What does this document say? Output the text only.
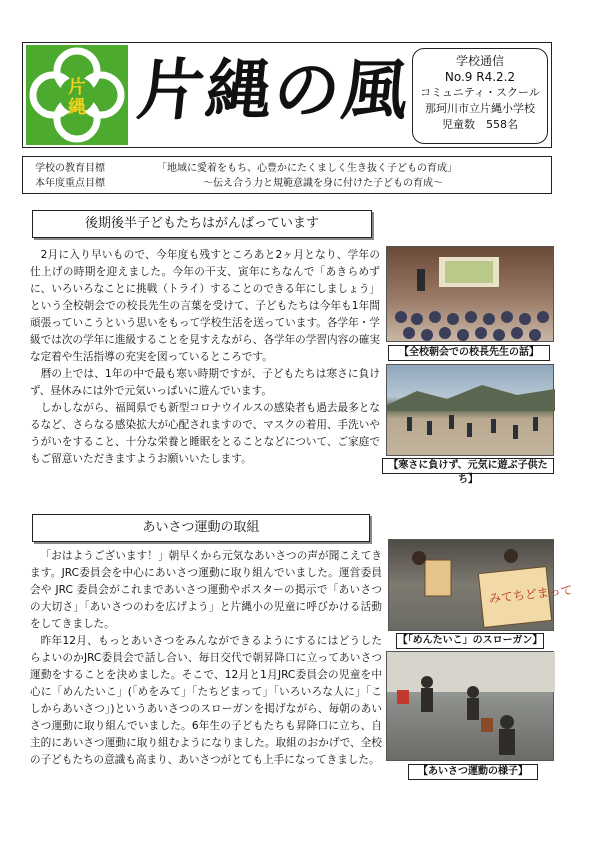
片
縄 片縄の風	学校通信
No.9 R4.2.2
コミュニティ・スクール
那珂川市立片縄小学校
児童数　558名
学校の教育目標	「地域に愛着をもち、心豊かにたくましく生き抜く子どもの育成」
本年度重点目標	〜伝え合う力と規範意識を身に付けた子どもの育成〜
後期後半子どもたちはがんばっています

2月に入り早いもので、今年度も残すところあと2ヶ月となり、学年の仕上げの時期を迎えました。今年の干支、寅年にちなんで「あきらめずに、いろいろなことに挑戦（トライ）することのできる年にしましょう」という全校朝会での校長先生の言葉を受けて、子どもたちは今年も1年間頑張っていこうという思いをもって学校生活を送っています。各学年・学級では次の学年に進級することを見すえながら、各学年の学習内容の確実な定着や生活指導の充実を図っているところです。

暦の上では、1年の中で最も寒い時期ですが、子どもたちは寒さに負けず、昼休みには外で元気いっぱいに遊んでいます。

しかしながら、福岡県でも新型コロナウイルスの感染者も過去最多となるなど、さらなる感染拡大が心配されますので、マスクの着用、手洗いやうがいをすること、十分な栄養と睡眠をとることなどについて、ご家庭でもご留意いただきますようお願いいたします。

【全校朝会での校長先生の話】
【寒さに負けず、元気に遊ぶ子供たち】
あいさつ運動の取組

「おはようございます！」朝早くから元気なあいさつの声が聞こえてきます。JRC委員会を中心にあいさつ運動に取り組んでいました。運営委員会や JRC 委員会がこれまであいさつ運動やポスターの掲示で「あいさつの大切さ」「あいさつのわを広げよう」と片縄小の児童に呼びかける活動をしてきました。

昨年12月、もっとあいさつをみんなができるようにするにはどうしたらよいのかJRC委員会で話し合い、毎日交代で朝昇降口に立ってあいさつ運動をすることを決めました。そこで、12月と1月JRC委員会の児童を中心に「めんたいこ」(「めをみて」「たちどまって」「いろいろな人に」「こしからあいさつ」)というあいさつのスローガンを掲げながら、毎朝のあいさつ運動に取り組んでいました。6年生の子どもたちも昇降口に立ち、自主的にあいさつ運動に取り組むようになりました。取組のおかげで、全校の子どもたちの意識も高まり、あいさつがとても上手になってきました。

みてちどまって
【「めんたいこ」のスローガン】
【あいさつ運動の様子】
